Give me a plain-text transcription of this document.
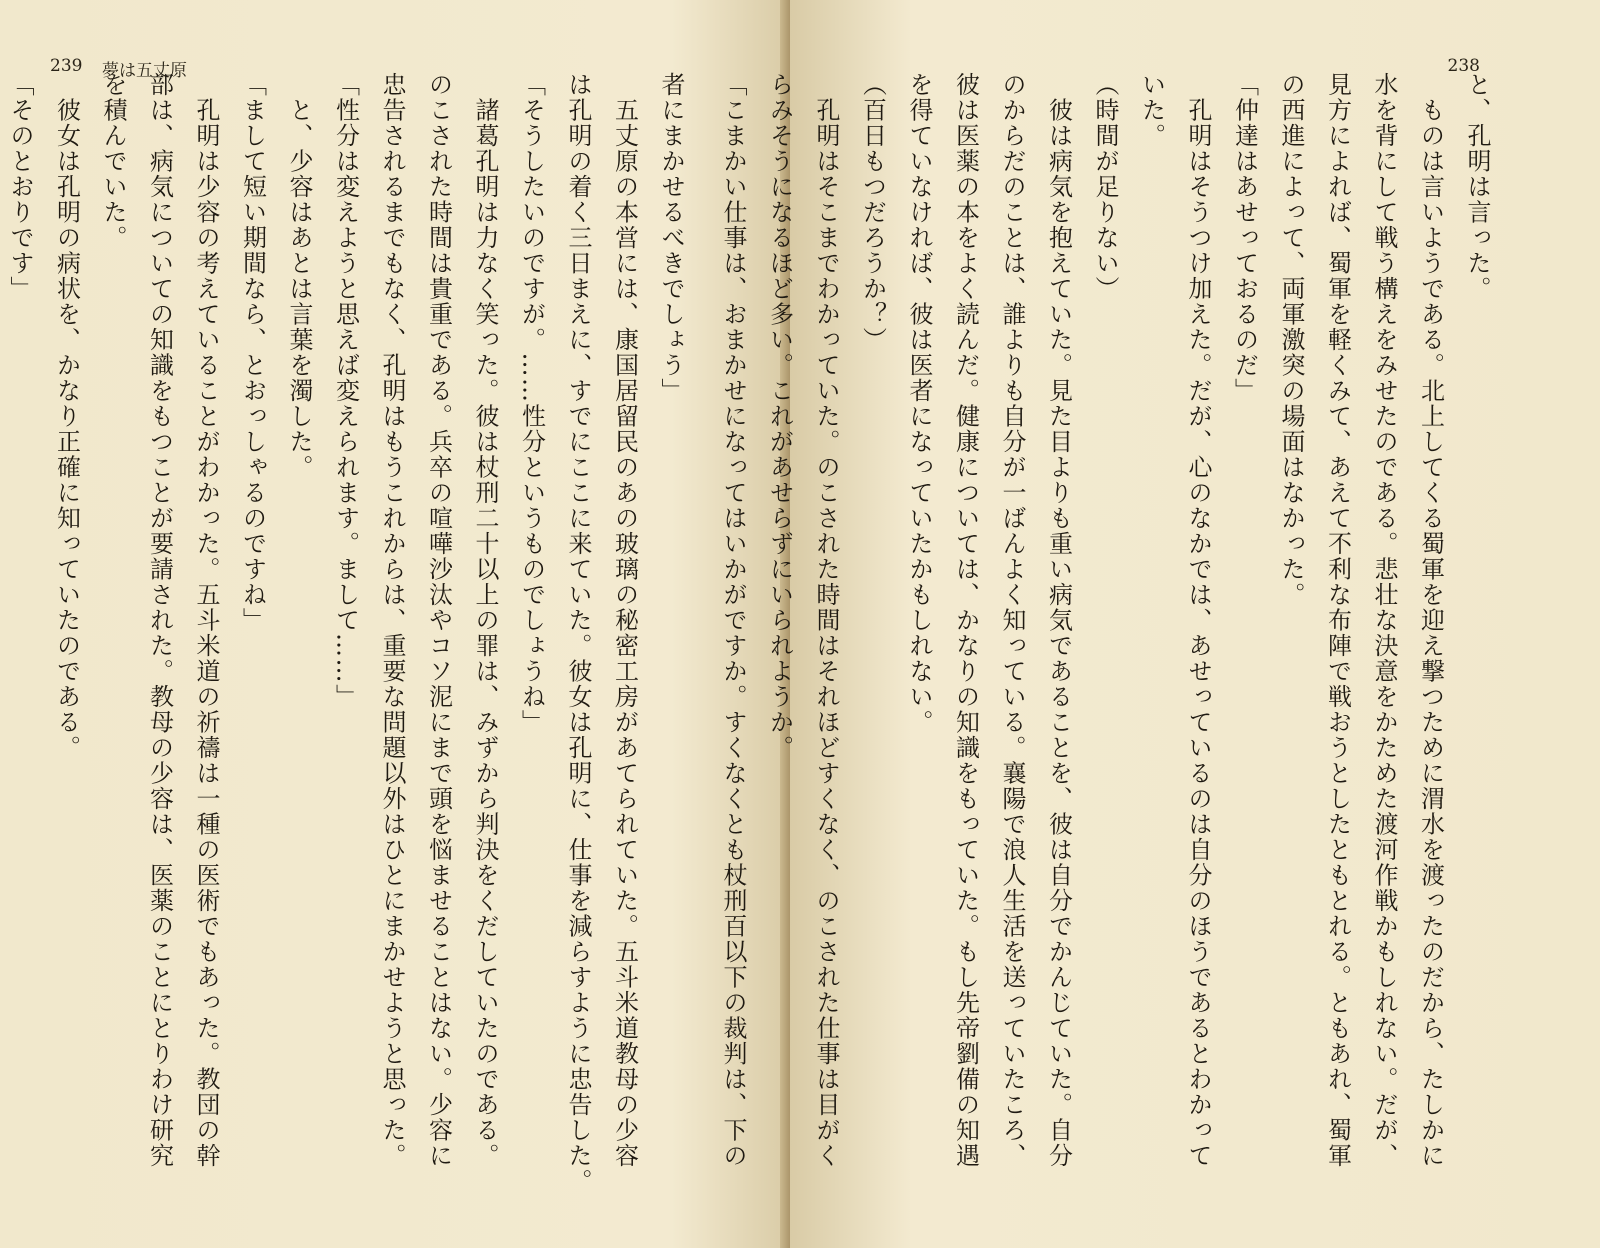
239 夢は五丈原
者にまかせるべきでしょう」
　五丈原の本営には、康国居留民のあの玻璃の秘密工房があてられていた。五斗米道教母の少容
は孔明の着く三日まえに、すでにここに来ていた。彼女は孔明に、仕事を減らすように忠告した。
「そうしたいのですが。……性分というものでしょうね」
　諸葛孔明は力なく笑った。彼は杖刑二十以上の罪は、みずから判決をくだしていたのである。
のこされた時間は貴重である。兵卒の喧嘩沙汰やコソ泥にまで頭を悩ませることはない。少容に
忠告されるまでもなく、孔明はもうこれからは、重要な問題以外はひとにまかせようと思った。
「性分は変えようと思えば変えられます。まして……」
　と、少容はあとは言葉を濁した。
「まして短い期間なら、とおっしゃるのですね」
　孔明は少容の考えていることがわかった。五斗米道の祈禱は一種の医術でもあった。教団の幹
部は、病気についての知識をもつことが要請された。教母の少容は、医薬のことにとりわけ研究
を積んでいた。
　彼女は孔明の病状を、かなり正確に知っていたのである。
「そのとおりです」
238
と、孔明は言った。
　ものは言いようである。北上してくる蜀軍を迎え撃つために渭水を渡ったのだから、たしかに
水を背にして戦う構えをみせたのである。悲壮な決意をかためた渡河作戦かもしれない。だが、
見方によれば、蜀軍を軽くみて、あえて不利な布陣で戦おうとしたともとれる。ともあれ、蜀軍
の西進によって、両軍激突の場面はなかった。
「仲達はあせっておるのだ」
　孔明はそうつけ加えた。だが、心のなかでは、あせっているのは自分のほうであるとわかって
いた。
（時間が足りない）
　彼は病気を抱えていた。見た目よりも重い病気であることを、彼は自分でかんじていた。自分
のからだのことは、誰よりも自分が一ばんよく知っている。襄陽で浪人生活を送っていたころ、
彼は医薬の本をよく読んだ。健康については、かなりの知識をもっていた。もし先帝劉備の知遇
を得ていなければ、彼は医者になっていたかもしれない。
（百日もつだろうか？）
　孔明はそこまでわかっていた。のこされた時間はそれほどすくなく、のこされた仕事は目がく
らみそうになるほど多い。これがあせらずにいられようか。
「こまかい仕事は、おまかせになってはいかがですか。すくなくとも杖刑百以下の裁判は、下の
